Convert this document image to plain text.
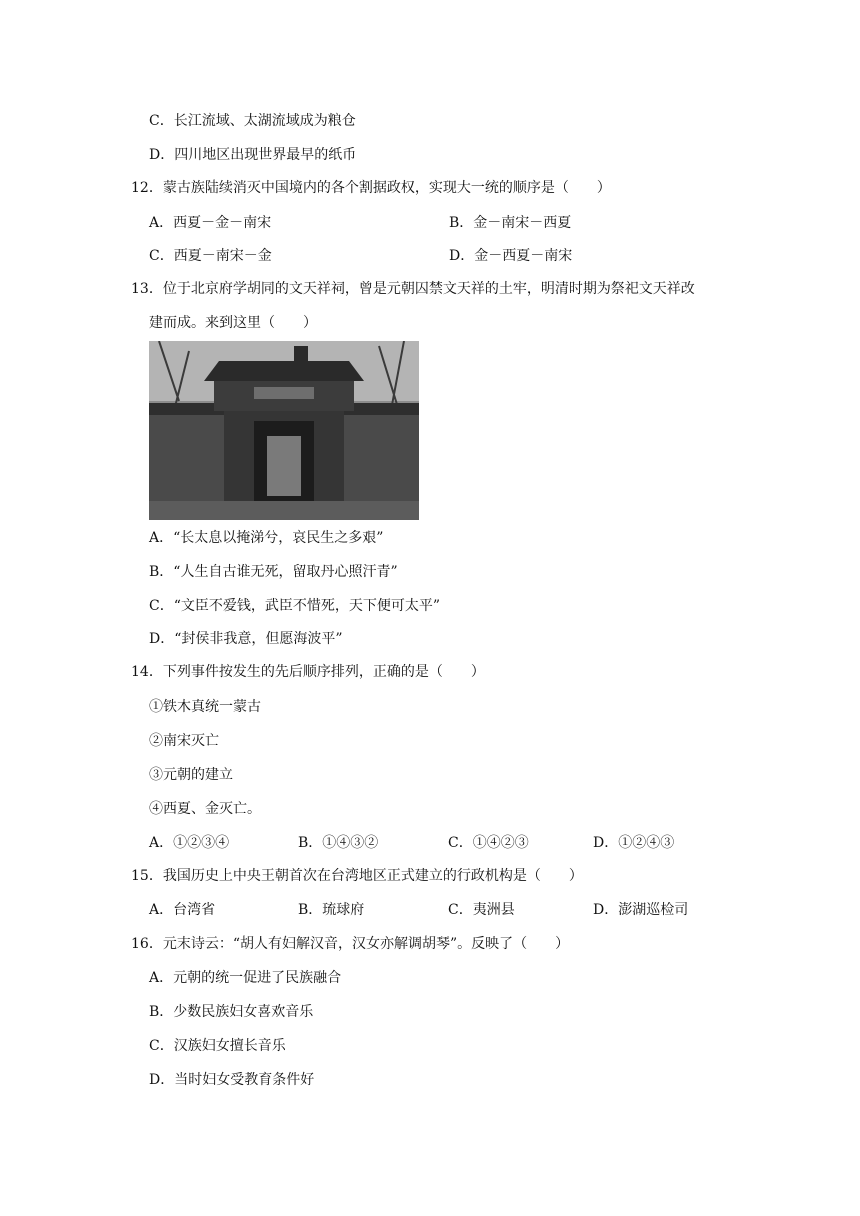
C．长江流域、太湖流域成为粮仓
D．四川地区出现世界最早的纸币
12．蒙古族陆续消灭中国境内的各个割据政权，实现大一统的顺序是（　　）
A．西夏－金－南宋	B．金－南宋－西夏
C．西夏－南宋－金	D．金－西夏－南宋
13．位于北京府学胡同的文天祥祠，曾是元朝囚禁文天祥的土牢，明清时期为祭祀文天祥改
建而成。来到这里（　　）
A．“长太息以掩涕兮，哀民生之多艰”
B．“人生自古谁无死，留取丹心照汗青”
C．“文臣不爱钱，武臣不惜死，天下便可太平”
D．“封侯非我意，但愿海波平”
14．下列事件按发生的先后顺序排列，正确的是（　　）
①铁木真统一蒙古
②南宋灭亡
③元朝的建立
④西夏、金灭亡。
A．①②③④	B．①④③②	C．①④②③	D．①②④③
15．我国历史上中央王朝首次在台湾地区正式建立的行政机构是（　　）
A．台湾省	B．琉球府	C．夷洲县	D．澎湖巡检司
16．元末诗云：“胡人有妇解汉音，汉女亦解调胡琴”。反映了（　　）
A．元朝的统一促进了民族融合
B．少数民族妇女喜欢音乐
C．汉族妇女擅长音乐
D．当时妇女受教育条件好
